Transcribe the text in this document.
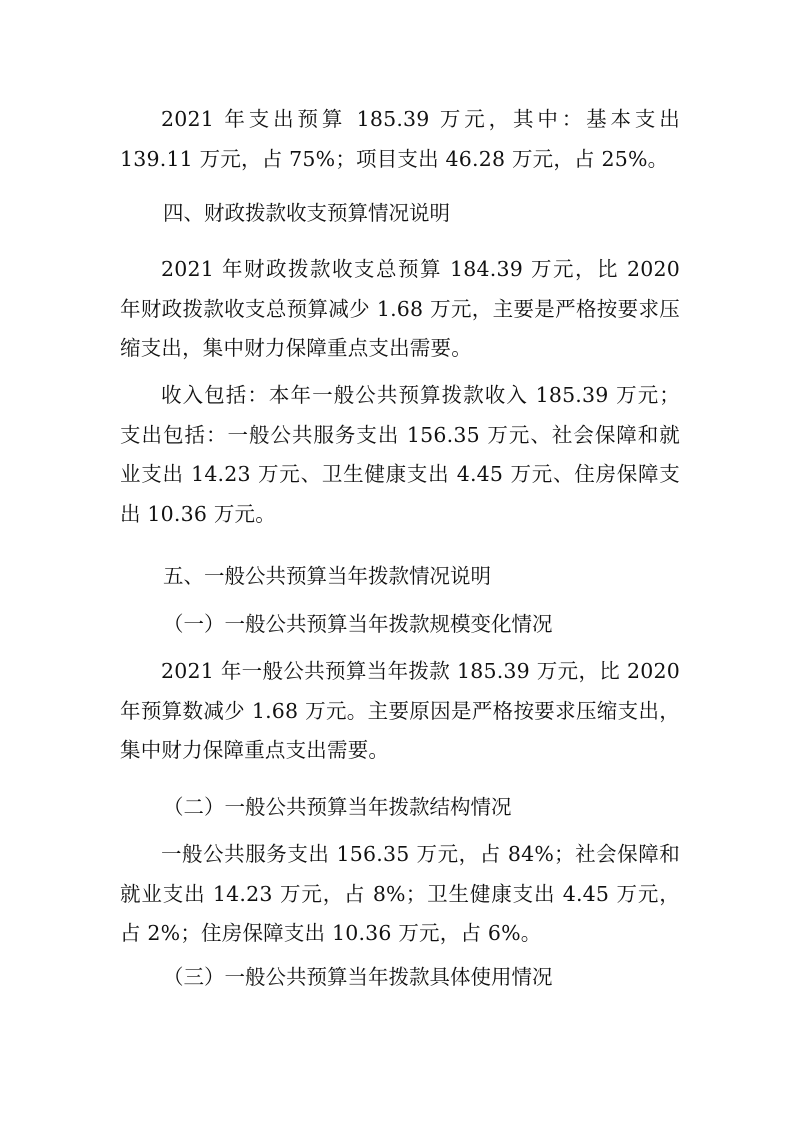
2021 年支出预算 185.39 万元，其中：基本支出 139.11 万元，占 75%；项目支出 46.28 万元，占 25%。

四、财政拨款收支预算情况说明

2021 年财政拨款收支总预算 184.39 万元，比 2020 年财政拨款收支总预算减少 1.68 万元，主要是严格按要求压缩支出，集中财力保障重点支出需要。

收入包括：本年一般公共预算拨款收入 185.39 万元；支出包括：一般公共服务支出 156.35 万元、社会保障和就业支出 14.23 万元、卫生健康支出 4.45 万元、住房保障支出 10.36 万元。

五、一般公共预算当年拨款情况说明
（一）一般公共预算当年拨款规模变化情况

2021 年一般公共预算当年拨款 185.39 万元，比 2020 年预算数减少 1.68 万元。主要原因是严格按要求压缩支出，集中财力保障重点支出需要。

（二）一般公共预算当年拨款结构情况

一般公共服务支出 156.35 万元，占 84%；社会保障和就业支出 14.23 万元，占 8%；卫生健康支出 4.45 万元，占 2%；住房保障支出 10.36 万元，占 6%。

（三）一般公共预算当年拨款具体使用情况
